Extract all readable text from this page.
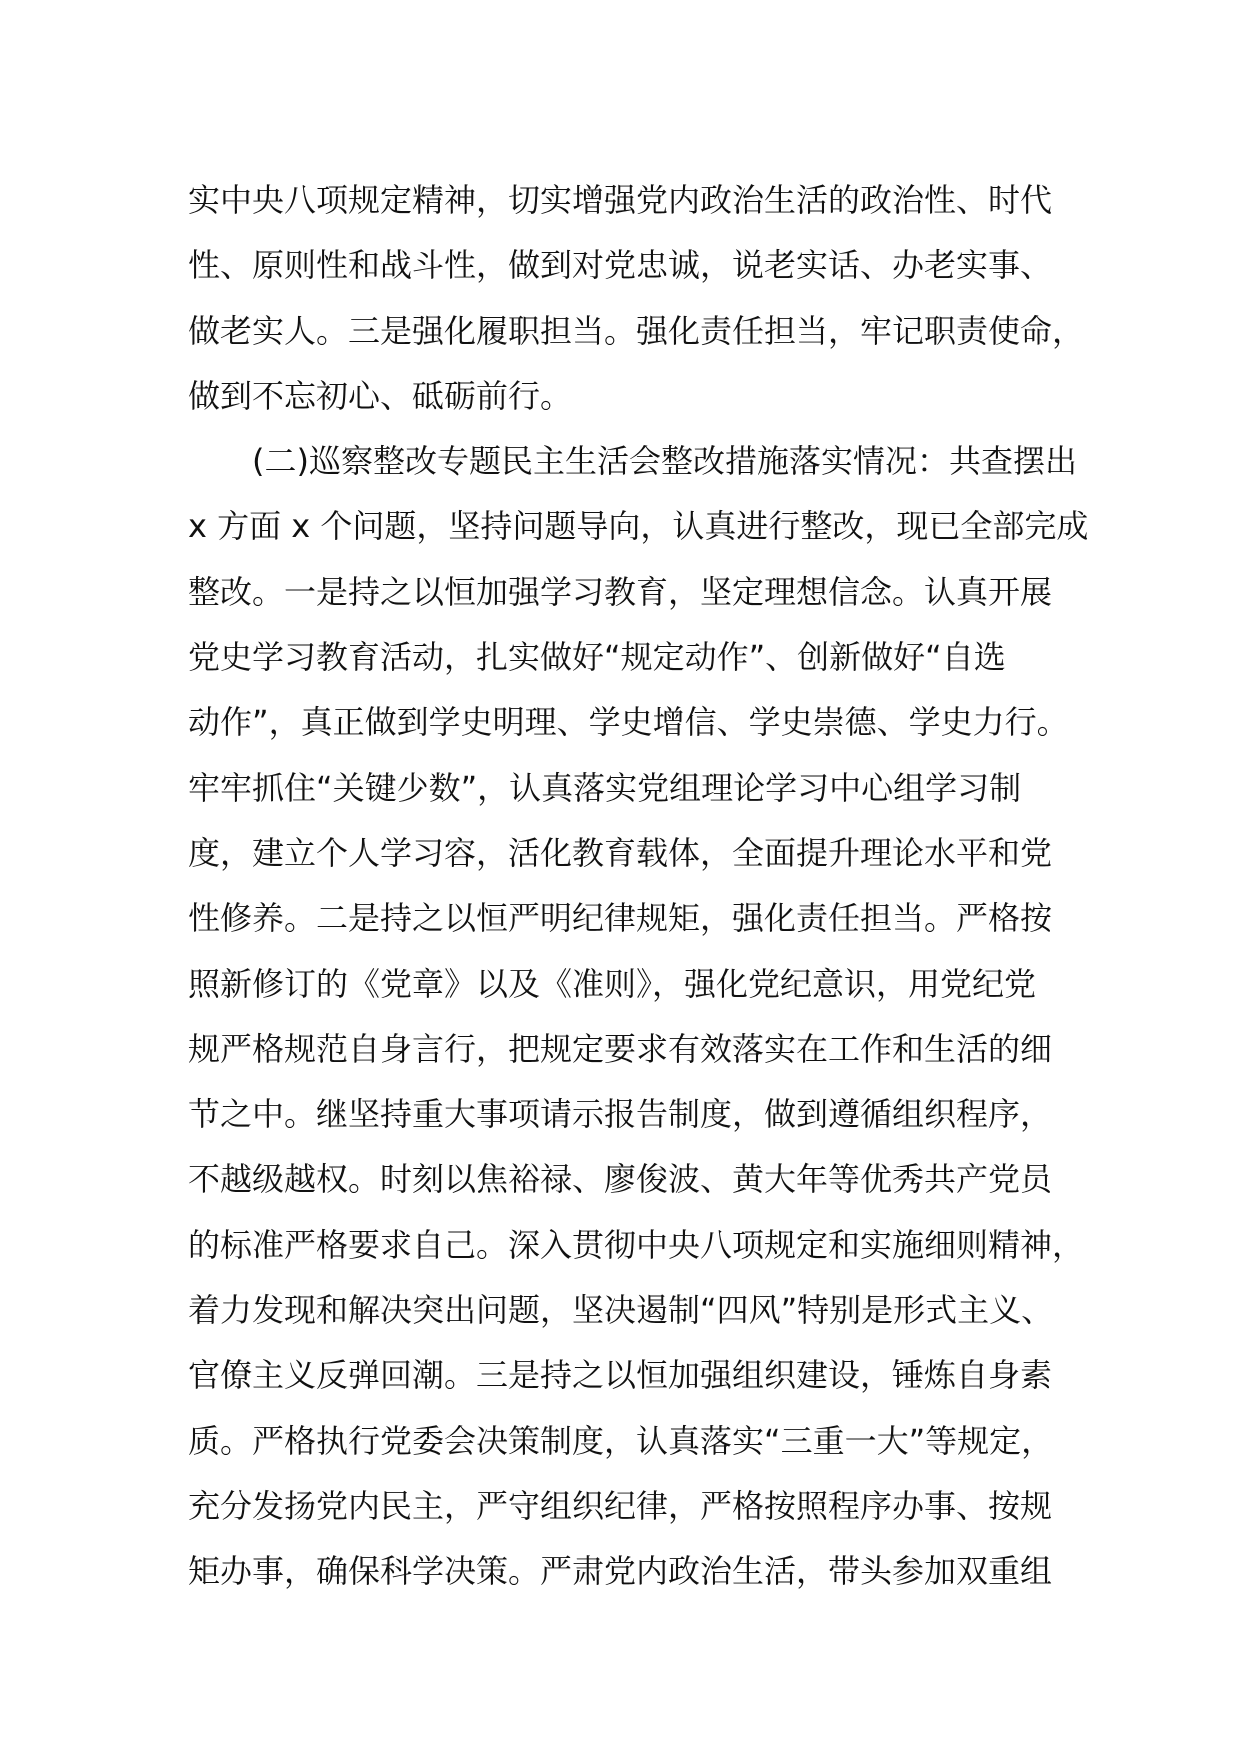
实中央八项规定精神，切实增强党内政治生活的政治性、时代
性、原则性和战斗性，做到对党忠诚，说老实话、办老实事、
做老实人。三是强化履职担当。强化责任担当，牢记职责使命，
做到不忘初心、砥砺前行。
(二)巡察整改专题民主生活会整改措施落实情况：共查摆出
x 方面 x 个问题，坚持问题导向，认真进行整改，现已全部完成
整改。一是持之以恒加强学习教育，坚定理想信念。认真开展
党史学习教育活动，扎实做好“规定动作”、创新做好“自选
动作”，真正做到学史明理、学史增信、学史崇德、学史力行。
牢牢抓住“关键少数”，认真落实党组理论学习中心组学习制
度，建立个人学习容，活化教育载体，全面提升理论水平和党
性修养。二是持之以恒严明纪律规矩，强化责任担当。严格按
照新修订的《党章》以及《准则》，强化党纪意识，用党纪党
规严格规范自身言行，把规定要求有效落实在工作和生活的细
节之中。继坚持重大事项请示报告制度，做到遵循组织程序，
不越级越权。时刻以焦裕禄、廖俊波、黄大年等优秀共产党员
的标准严格要求自己。深入贯彻中央八项规定和实施细则精神，
着力发现和解决突出问题，坚决遏制“四风”特别是形式主义、
官僚主义反弹回潮。三是持之以恒加强组织建设，锤炼自身素
质。严格执行党委会决策制度，认真落实“三重一大”等规定，
充分发扬党内民主，严守组织纪律，严格按照程序办事、按规
矩办事，确保科学决策。严肃党内政治生活，带头参加双重组
